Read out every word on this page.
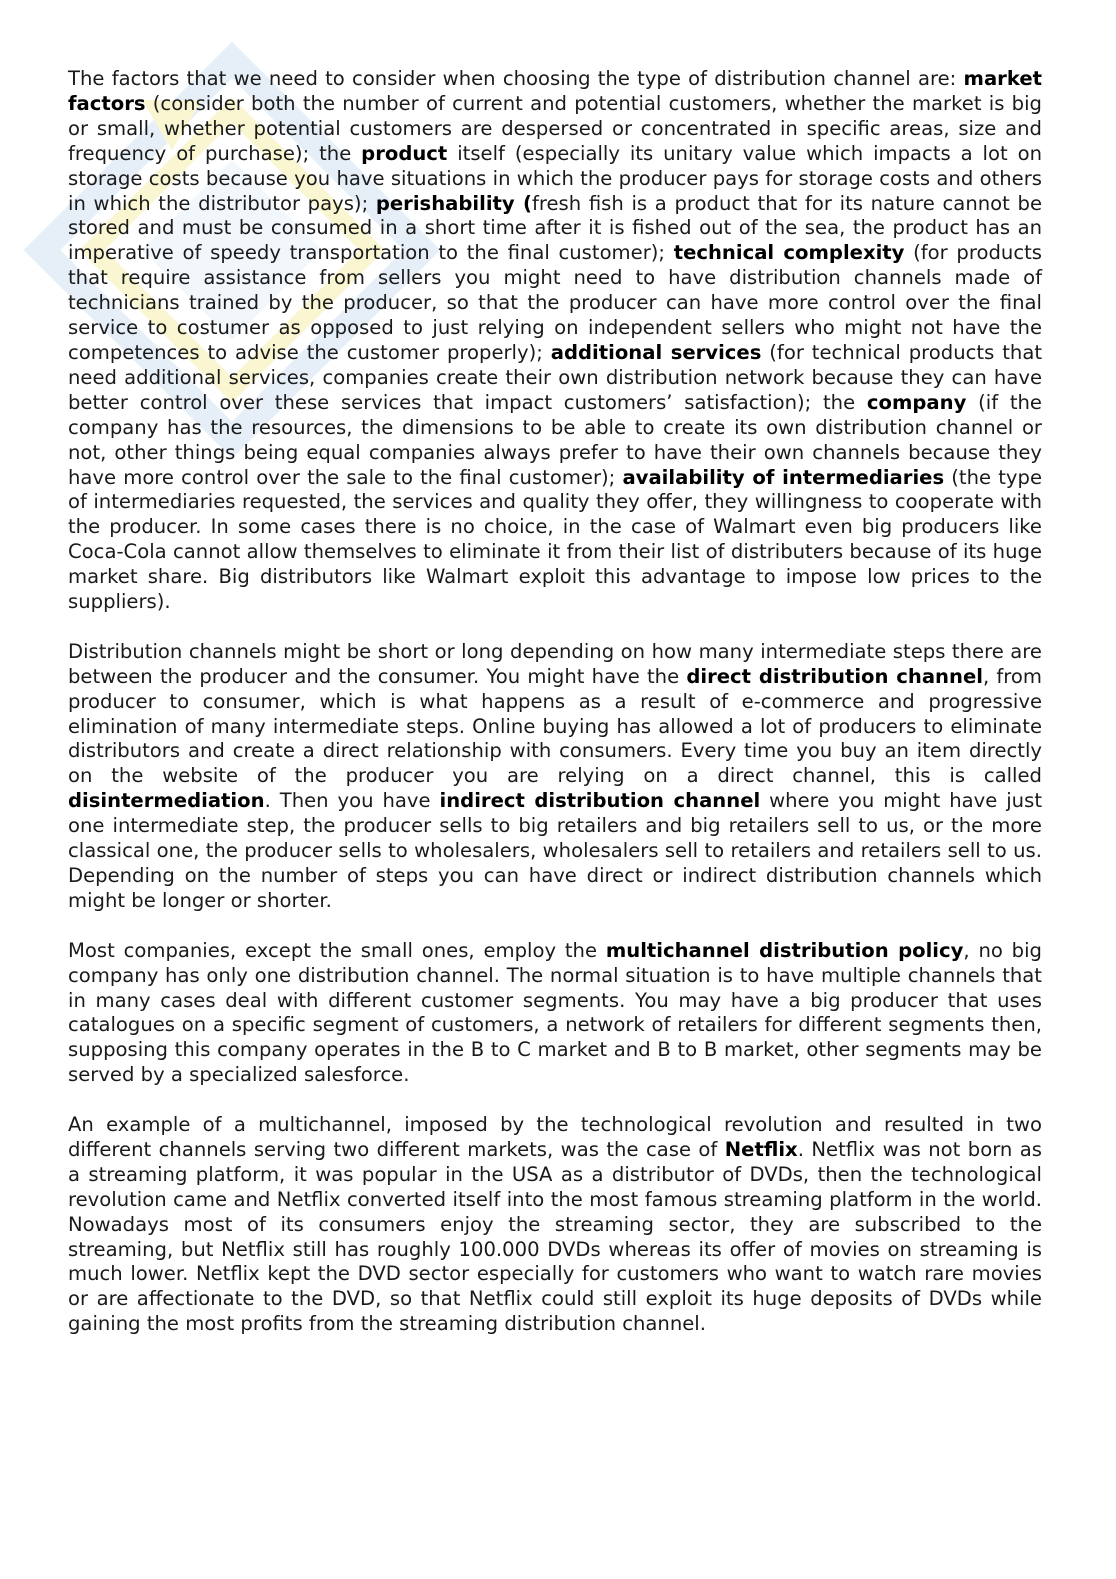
The factors that we need to consider when choosing the type of distribution channel are: market factors (consider both the number of current and potential customers, whether the market is big or small, whether potential customers are despersed or concentrated in specific areas, size and frequency of purchase); the product itself (especially its unitary value which impacts a lot on storage costs because you have situations in which the producer pays for storage costs and others in which the distributor pays); perishability (fresh fish is a product that for its nature cannot be stored and must be consumed in a short time after it is fished out of the sea, the product has an imperative of speedy transportation to the final customer); technical complexity (for products that require assistance from sellers you might need to have distribution channels made of technicians trained by the producer, so that the producer can have more control over the final service to costumer as opposed to just relying on independent sellers who might not have the competences to advise the customer properly); additional services (for technical products that need additional services, companies create their own distribution network because they can have better control over these services that impact customers’ satisfaction); the company (if the company has the resources, the dimensions to be able to create its own distribution channel or not, other things being equal companies always prefer to have their own channels because they have more control over the sale to the final customer); availability of intermediaries (the type of intermediaries requested, the services and quality they offer, they willingness to cooperate with the producer. In some cases there is no choice, in the case of Walmart even big producers like Coca-Cola cannot allow themselves to eliminate it from their list of distributers because of its huge market share. Big distributors like Walmart exploit this advantage to impose low prices to the suppliers).

Distribution channels might be short or long depending on how many intermediate steps there are between the producer and the consumer. You might have the direct distribution channel, from producer to consumer, which is what happens as a result of e-commerce and progressive elimination of many intermediate steps. Online buying has allowed a lot of producers to eliminate distributors and create a direct relationship with consumers. Every time you buy an item directly on the website of the producer you are relying on a direct channel, this is called disintermediation. Then you have indirect distribution channel where you might have just one intermediate step, the producer sells to big retailers and big retailers sell to us, or the more classical one, the producer sells to wholesalers, wholesalers sell to retailers and retailers sell to us. Depending on the number of steps you can have direct or indirect distribution channels which might be longer or shorter.

Most companies, except the small ones, employ the multichannel distribution policy, no big company has only one distribution channel. The normal situation is to have multiple channels that in many cases deal with different customer segments. You may have a big producer that uses catalogues on a specific segment of customers, a network of retailers for different segments then, supposing this company operates in the B to C market and B to B market, other segments may be served by a specialized salesforce.

An example of a multichannel, imposed by the technological revolution and resulted in two different channels serving two different markets, was the case of Netflix. Netflix was not born as a streaming platform, it was popular in the USA as a distributor of DVDs, then the technological revolution came and Netflix converted itself into the most famous streaming platform in the world. Nowadays most of its consumers enjoy the streaming sector, they are subscribed to the streaming, but Netflix still has roughly 100.000 DVDs whereas its offer of movies on streaming is much lower. Netflix kept the DVD sector especially for customers who want to watch rare movies or are affectionate to the DVD, so that Netflix could still exploit its huge deposits of DVDs while gaining the most profits from the streaming distribution channel.
